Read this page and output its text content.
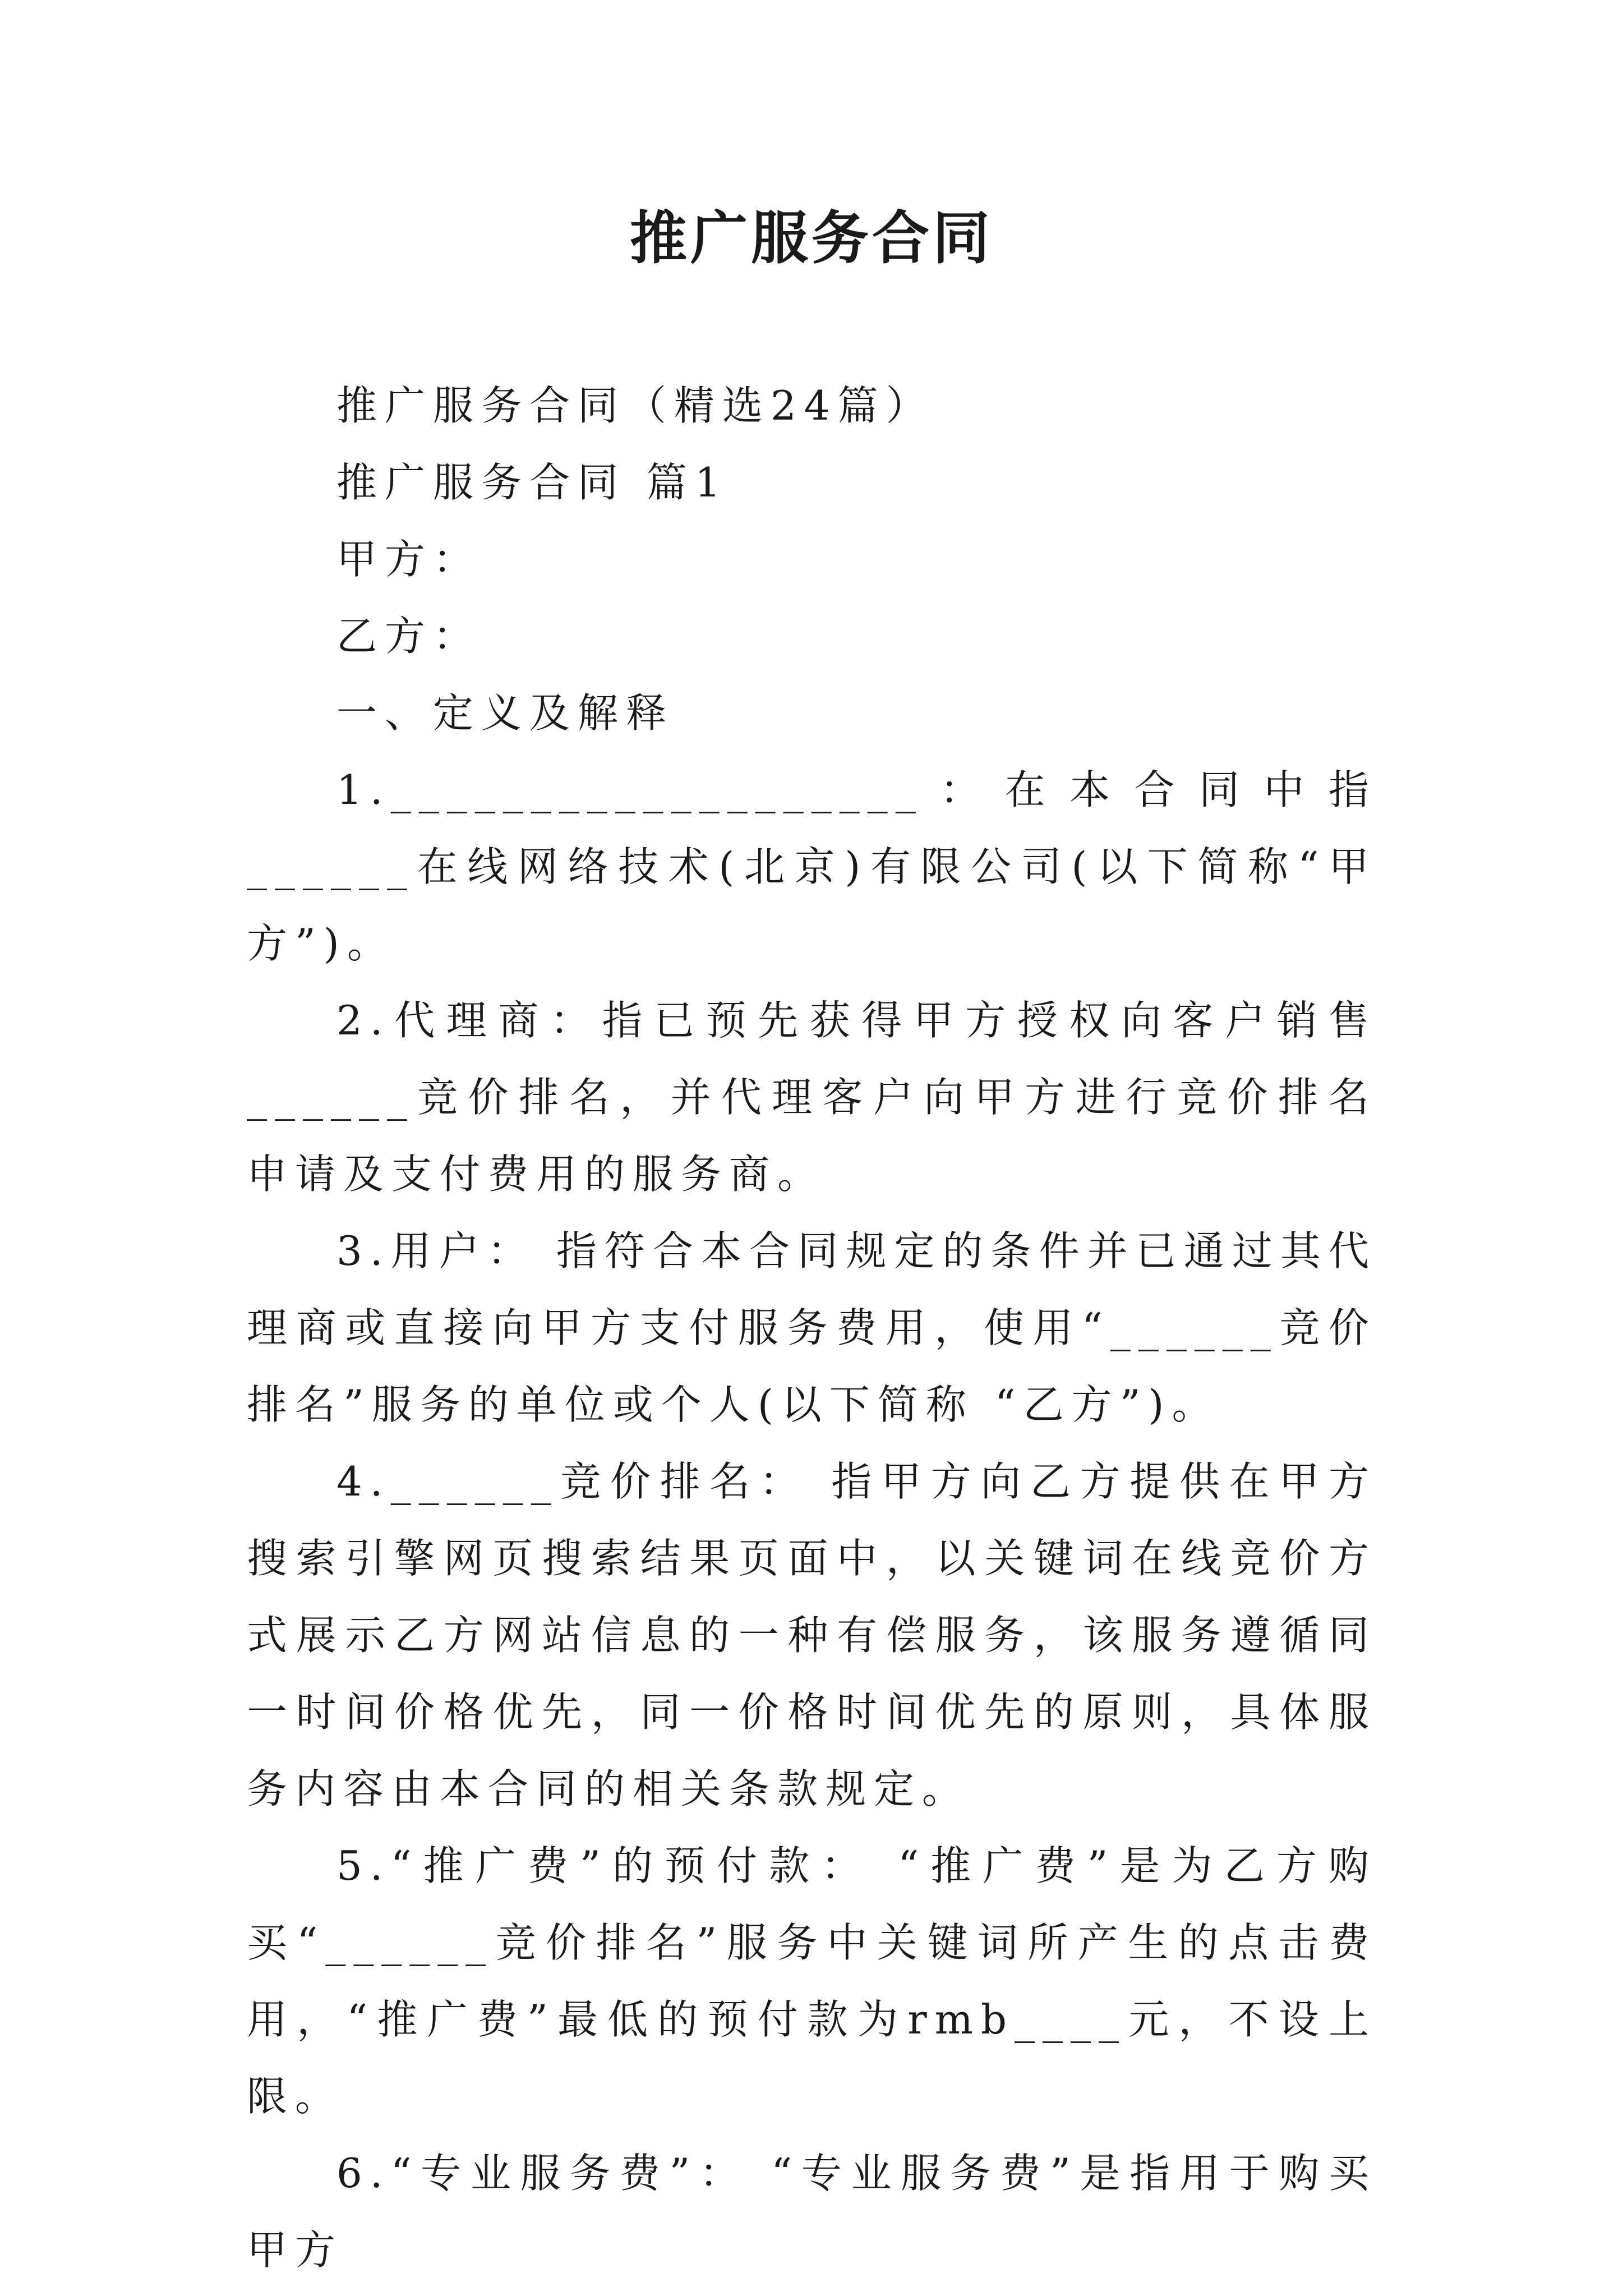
推广服务合同

推广服务合同（精选24篇）

推广服务合同 篇1

甲方：

乙方：

一、定义及解释

1.___________________：在本合同中指______在线网络技术(北京)有限公司(以下简称“甲方”)。

2.代理商：指已预先获得甲方授权向客户销售______竞价排名，并代理客户向甲方进行竞价排名申请及支付费用的服务商。

3.用户： 指符合本合同规定的条件并已通过其代理商或直接向甲方支付服务费用，使用“______竞价排名”服务的单位或个人(以下简称 “乙方”)。

4.______竞价排名： 指甲方向乙方提供在甲方搜索引擎网页搜索结果页面中，以关键词在线竞价方式展示乙方网站信息的一种有偿服务，该服务遵循同一时间价格优先，同一价格时间优先的原则，具体服务内容由本合同的相关条款规定。

5.“推广费”的预付款： “推广费”是为乙方购买“______竞价排名”服务中关键词所产生的点击费用，“推广费”最低的预付款为rmb____元，不设上限。

6.“专业服务费”： “专业服务费”是指用于购买甲方
